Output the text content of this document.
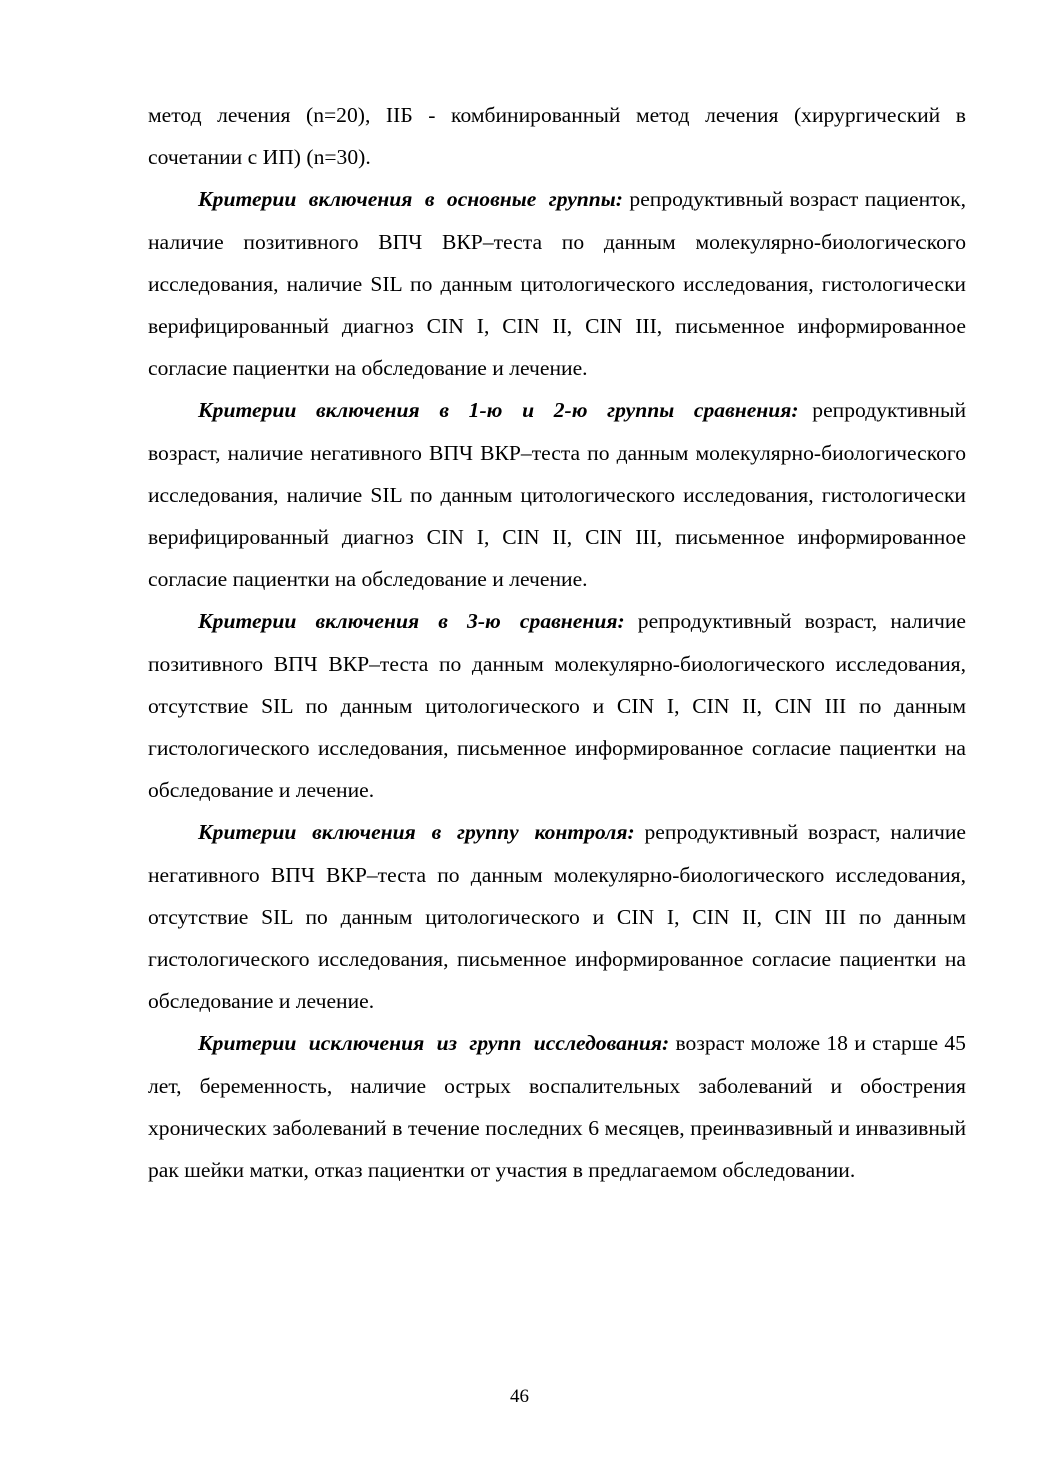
метод лечения (n=20), IIБ - комбинированный метод лечения (хирургический в сочетании с ИП) (n=30).

Критерии включения в основные группы: репродуктивный возраст пациенток, наличие позитивного ВПЧ ВКР–теста по данным молекулярно-биологического исследования, наличие SIL по данным цитологического исследования, гистологически верифицированный диагноз CIN I, CIN II, CIN III, письменное информированное согласие пациентки на обследование и лечение.

Критерии включения в 1-ю и 2-ю группы сравнения: репродуктивный возраст, наличие негативного ВПЧ ВКР–теста по данным молекулярно-биологического исследования, наличие SIL по данным цитологического исследования, гистологически верифицированный диагноз CIN I, CIN II, CIN III, письменное информированное согласие пациентки на обследование и лечение.

Критерии включения в 3-ю сравнения: репродуктивный возраст, наличие позитивного ВПЧ ВКР–теста по данным молекулярно-биологического исследования, отсутствие SIL по данным цитологического и CIN I, CIN II, CIN III по данным гистологического исследования, письменное информированное согласие пациентки на обследование и лечение.

Критерии включения в группу контроля: репродуктивный возраст, наличие негативного ВПЧ ВКР–теста по данным молекулярно-биологического исследования, отсутствие SIL по данным цитологического и CIN I, CIN II, CIN III по данным гистологического исследования, письменное информированное согласие пациентки на обследование и лечение.

Критерии исключения из групп исследования: возраст моложе 18 и старше 45 лет, беременность, наличие острых воспалительных заболеваний и обострения хронических заболеваний в течение последних 6 месяцев, преинвазивный и инвазивный рак шейки матки, отказ пациентки от участия в предлагаемом обследовании.

46
